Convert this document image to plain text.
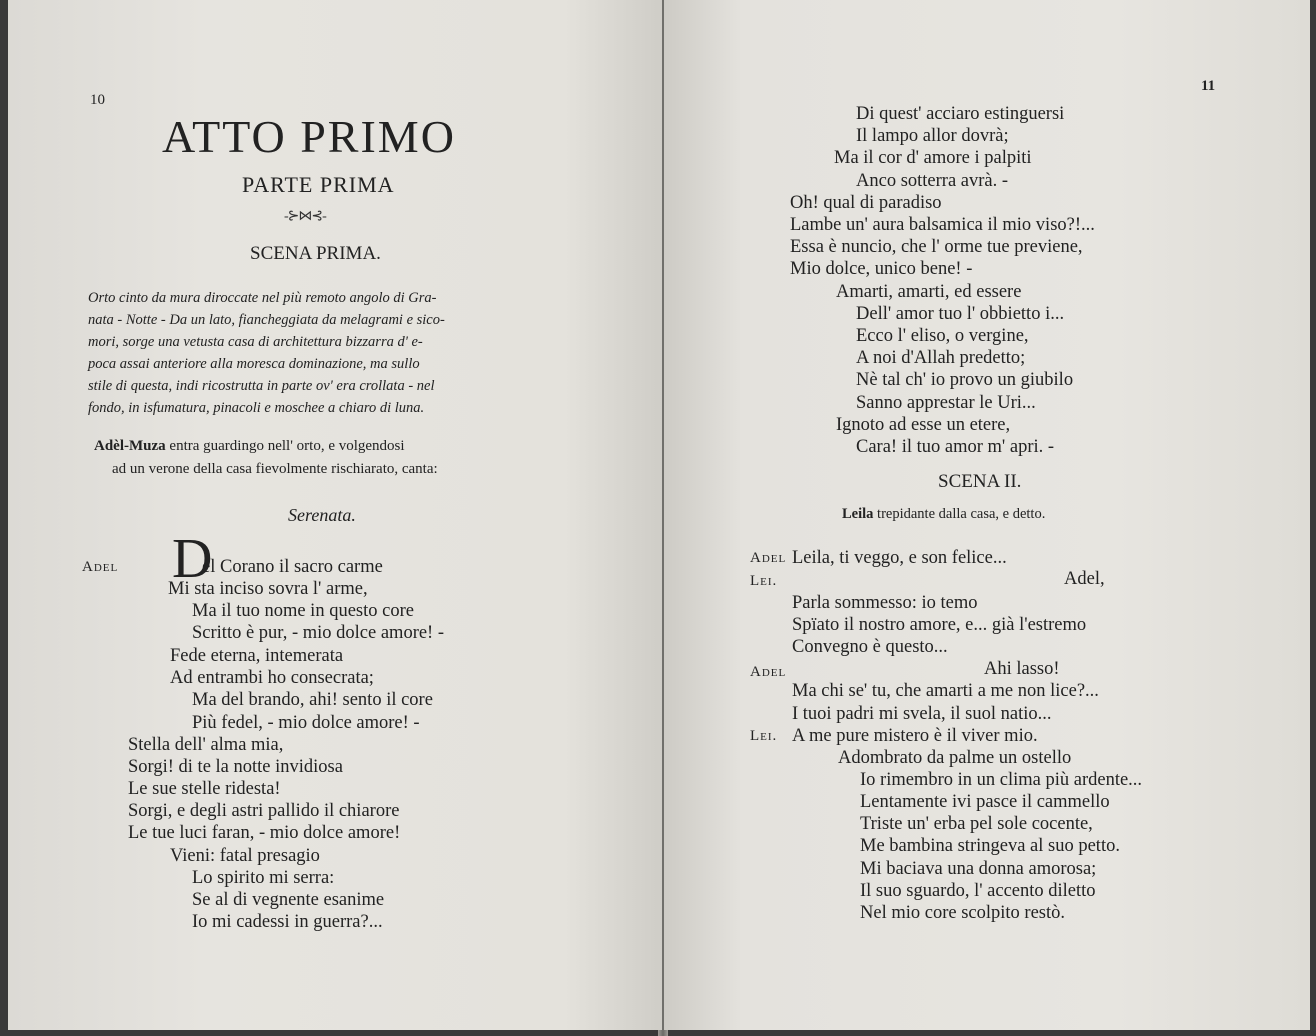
10
ATTO PRIMO
PARTE PRIMA
-⊱⋈⊰-
SCENA PRIMA.
Orto cinto da mura diroccate nel più remoto angolo di Gra-
nata - Notte - Da un lato, fiancheggiata da melagrami e sico-
mori, sorge una vetusta casa di architettura bizzarra d' e-
poca assai anteriore alla moresca dominazione, ma sullo
stile di questa, indi ricostrutta in parte ov' era crollata - nel
fondo, in isfumatura, pinacoli e moschee a chiaro di luna.
Adèl-Muza entra guardingo nell' orto, e volgendosi
ad un verone della casa fievolmente rischiarato, canta:
Serenata.
Adel D
el Corano il sacro carme
Mi sta inciso sovra l' arme,
Ma il tuo nome in questo core
Scritto è pur, - mio dolce amore! -
Fede eterna, intemerata
Ad entrambi ho consecrata;
Ma del brando, ahi! sento il core
Più fedel, - mio dolce amore! -
Stella dell' alma mia,
Sorgi! di te la notte invidiosa
Le sue stelle ridesta!
Sorgi, e degli astri pallido il chiarore
Le tue luci faran, - mio dolce amore!
Vieni: fatal presagio
Lo spirito mi serra:
Se al di vegnente esanime
Io mi cadessi in guerra?...
11
Di quest' acciaro estinguersi
Il lampo allor dovrà;
Ma il cor d' amore i palpiti
Anco sotterra avrà. -
Oh! qual di paradiso
Lambe un' aura balsamica il mio viso?!...
Essa è nuncio, che l' orme tue previene,
Mio dolce, unico bene! -
Amarti, amarti, ed essere
Dell' amor tuo l' obbietto i...
Ecco l' eliso, o vergine,
A noi d'Allah predetto;
Nè tal ch' io provo un giubilo
Sanno apprestar le Uri...
Ignoto ad esse un etere,
Cara! il tuo amor m' apri. -
SCENA II.
Leila trepidante dalla casa, e detto.
Adel Leila, ti veggo, e son felice...
Lei.	Adel,
Parla sommesso: io temo
Spïato il nostro amore, e... già l'estremo
Convegno è questo...
Adel	Ahi lasso!
Ma chi se' tu, che amarti a me non lice?...
I tuoi padri mi svela, il suol natio...
Lei. A me pure mistero è il viver mio.
Adombrato da palme un ostello
Io rimembro in un clima più ardente...
Lentamente ivi pasce il cammello
Triste un' erba pel sole cocente,
Me bambina stringeva al suo petto.
Mi baciava una donna amorosa;
Il suo sguardo, l' accento diletto
Nel mio core scolpito restò.
